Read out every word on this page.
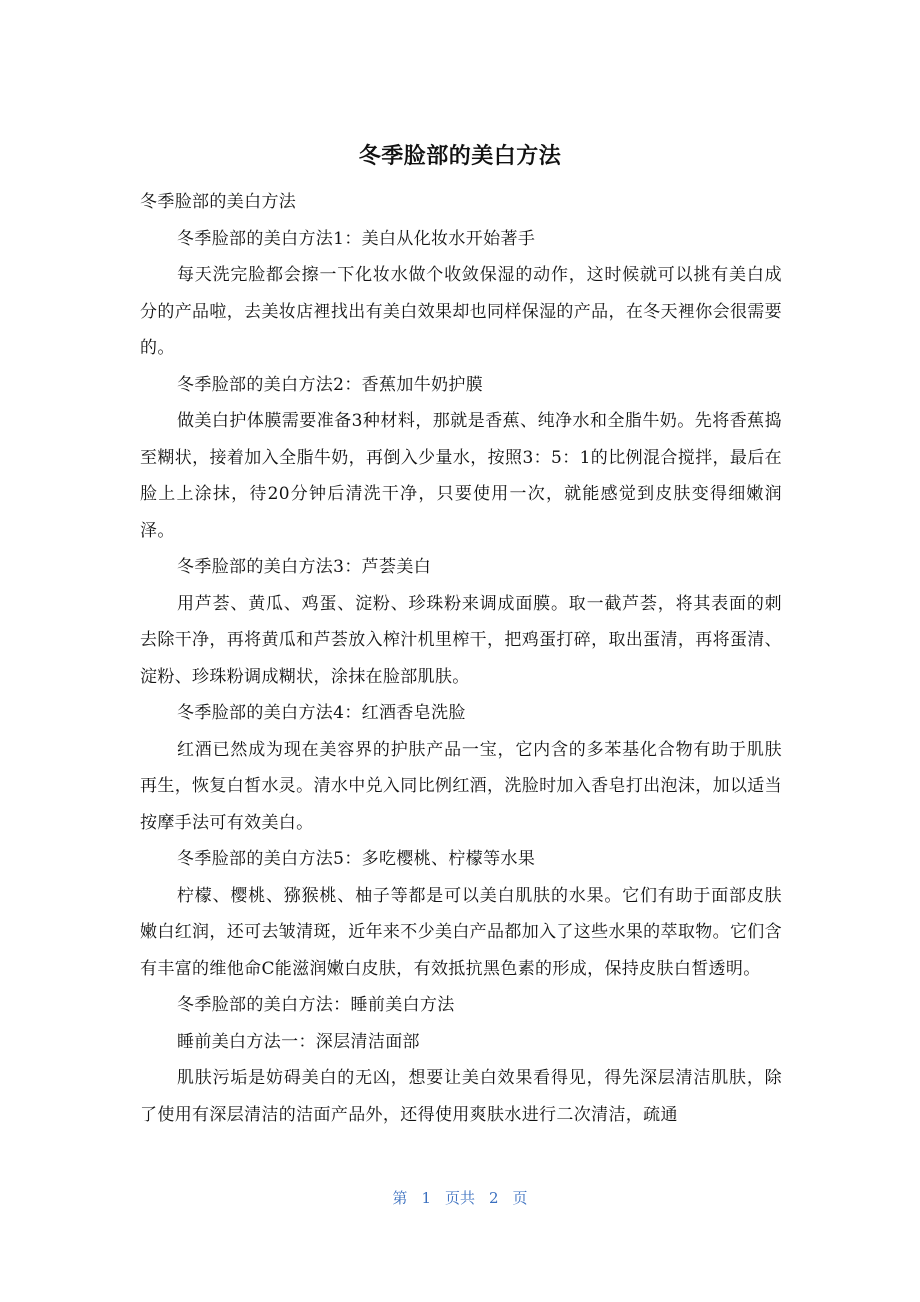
冬季脸部的美白方法

冬季脸部的美白方法

冬季脸部的美白方法1：美白从化妆水开始著手

每天洗完脸都会擦一下化妆水做个收敛保湿的动作，这时候就可以挑有美白成分的产品啦，去美妆店裡找出有美白效果却也同样保湿的产品，在冬天裡你会很需要的。

冬季脸部的美白方法2：香蕉加牛奶护膜

做美白护体膜需要准备3种材料，那就是香蕉、纯净水和全脂牛奶。先将香蕉捣至糊状，接着加入全脂牛奶，再倒入少量水，按照3：5：1的比例混合搅拌，最后在脸上上涂抹，待20分钟后清洗干净，只要使用一次，就能感觉到皮肤变得细嫩润泽。

冬季脸部的美白方法3：芦荟美白

用芦荟、黄瓜、鸡蛋、淀粉、珍珠粉来调成面膜。取一截芦荟，将其表面的刺去除干净，再将黄瓜和芦荟放入榨汁机里榨干，把鸡蛋打碎，取出蛋清，再将蛋清、淀粉、珍珠粉调成糊状，涂抹在脸部肌肤。

冬季脸部的美白方法4：红酒香皂洗脸

红酒已然成为现在美容界的护肤产品一宝，它内含的多苯基化合物有助于肌肤再生，恢复白皙水灵。清水中兑入同比例红酒，洗脸时加入香皂打出泡沫，加以适当按摩手法可有效美白。

冬季脸部的美白方法5：多吃樱桃、柠檬等水果

柠檬、樱桃、猕猴桃、柚子等都是可以美白肌肤的水果。它们有助于面部皮肤嫩白红润，还可去皱清斑，近年来不少美白产品都加入了这些水果的萃取物。它们含有丰富的维他命C能滋润嫩白皮肤，有效抵抗黑色素的形成，保持皮肤白皙透明。

冬季脸部的美白方法：睡前美白方法

睡前美白方法一：深层清洁面部

肌肤污垢是妨碍美白的无凶，想要让美白效果看得见，得先深层清洁肌肤，除了使用有深层清洁的洁面产品外，还得使用爽肤水进行二次清洁，疏通

第 1 页共 2 页
